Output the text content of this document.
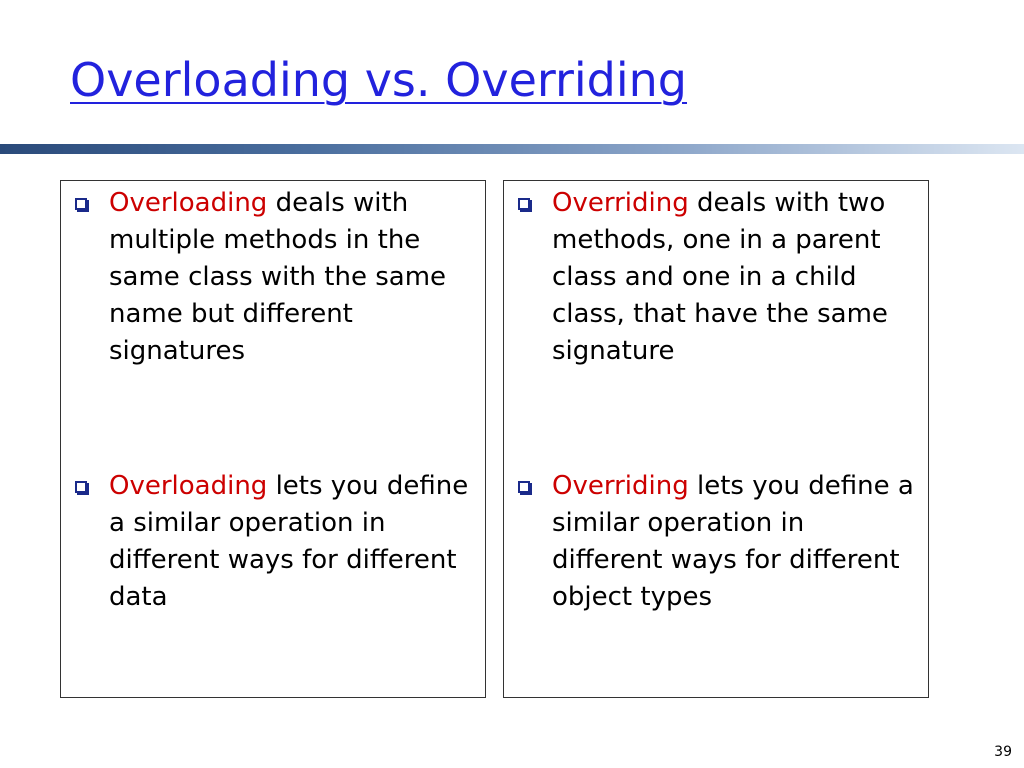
Overloading vs. Overriding
Overloading deals with multiple methods in the same class with the same name but different signatures
Overloading lets you define a similar operation in different ways for different data
Overriding deals with two methods, one in a parent class and one in a child class, that have the same signature
Overriding lets you define a similar operation in different ways for different object types
39
